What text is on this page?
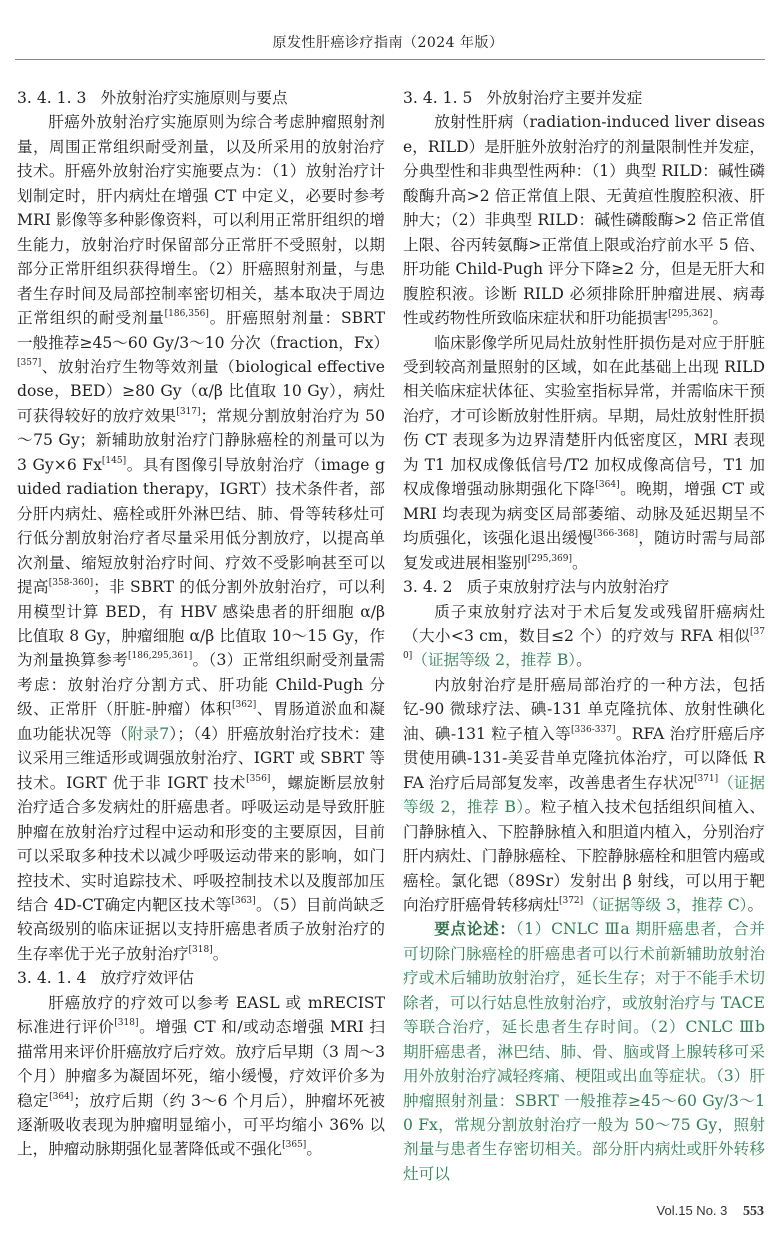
原发性肝癌诊疗指南（2024 年版）

3. 4. 1. 3 外放射治疗实施原则与要点

肝癌外放射治疗实施原则为综合考虑肿瘤照射剂量，周围正常组织耐受剂量，以及所采用的放射治疗技术。肝癌外放射治疗实施要点为：（1）放射治疗计划制定时，肝内病灶在增强 CT 中定义，必要时参考 MRI 影像等多种影像资料，可以利用正常肝组织的增生能力，放射治疗时保留部分正常肝不受照射，以期部分正常肝组织获得增生。（2）肝癌照射剂量，与患者生存时间及局部控制率密切相关，基本取决于周边正常组织的耐受剂量[186,356]。肝癌照射剂量：SBRT 一般推荐≥45～60 Gy/3～10 分次（fraction，Fx）[357]、放射治疗生物等效剂量（biological effective dose，BED）≥80 Gy（α/β 比值取 10 Gy），病灶可获得较好的放疗效果[317]；常规分割放射治疗为 50～75 Gy；新辅助放射治疗门静脉癌栓的剂量可以为 3 Gy×6 Fx[145]。具有图像引导放射治疗（image guided radiation therapy，IGRT）技术条件者，部分肝内病灶、癌栓或肝外淋巴结、肺、骨等转移灶可行低分割放射治疗者尽量采用低分割放疗，以提高单次剂量、缩短放射治疗时间、疗效不受影响甚至可以提高[358-360]；非 SBRT 的低分割外放射治疗，可以利用模型计算 BED，有 HBV 感染患者的肝细胞 α/β 比值取 8 Gy，肿瘤细胞 α/β 比值取 10～15 Gy，作为剂量换算参考[186,295,361]。（3）正常组织耐受剂量需考虑：放射治疗分割方式、肝功能 Child-Pugh 分级、正常肝（肝脏-肿瘤）体积[362]、胃肠道淤血和凝血功能状况等（附录7）；（4）肝癌放射治疗技术：建议采用三维适形或调强放射治疗、IGRT 或 SBRT 等技术。IGRT 优于非 IGRT 技术[356]，螺旋断层放射治疗适合多发病灶的肝癌患者。呼吸运动是导致肝脏肿瘤在放射治疗过程中运动和形变的主要原因，目前可以采取多种技术以减少呼吸运动带来的影响，如门控技术、实时追踪技术、呼吸控制技术以及腹部加压结合 4D-CT确定内靶区技术等[363]。（5）目前尚缺乏较高级别的临床证据以支持肝癌患者质子放射治疗的生存率优于光子放射治疗[318]。

3. 4. 1. 4 放疗疗效评估

肝癌放疗的疗效可以参考 EASL 或 mRECIST 标准进行评价[318]。增强 CT 和/或动态增强 MRI 扫描常用来评价肝癌放疗后疗效。放疗后早期（3 周～3 个月）肿瘤多为凝固坏死，缩小缓慢，疗效评价多为稳定[364]；放疗后期（约 3～6 个月后），肿瘤坏死被逐渐吸收表现为肿瘤明显缩小，可平均缩小 36% 以上，肿瘤动脉期强化显著降低或不强化[365]。

3. 4. 1. 5 外放射治疗主要并发症

放射性肝病（radiation-induced liver disease，RILD）是肝脏外放射治疗的剂量限制性并发症，分典型性和非典型性两种：（1）典型 RILD：碱性磷酸酶升高>2 倍正常值上限、无黄疸性腹腔积液、肝肿大；（2）非典型 RILD：碱性磷酸酶>2 倍正常值上限、谷丙转氨酶>正常值上限或治疗前水平 5 倍、肝功能 Child-Pugh 评分下降≥2 分，但是无肝大和腹腔积液。诊断 RILD 必须排除肝肿瘤进展、病毒性或药物性所致临床症状和肝功能损害[295,362]。

临床影像学所见局灶放射性肝损伤是对应于肝脏受到较高剂量照射的区域，如在此基础上出现 RILD 相关临床症状体征、实验室指标异常，并需临床干预治疗，才可诊断放射性肝病。早期，局灶放射性肝损伤 CT 表现多为边界清楚肝内低密度区，MRI 表现为 T1 加权成像低信号/T2 加权成像高信号，T1 加权成像增强动脉期强化下降[364]。晚期，增强 CT 或 MRI 均表现为病变区局部萎缩、动脉及延迟期呈不均质强化，该强化退出缓慢[366-368]，随访时需与局部复发或进展相鉴别[295,369]。

3. 4. 2 质子束放射疗法与内放射治疗

质子束放射疗法对于术后复发或残留肝癌病灶（大小<3 cm，数目≤2 个）的疗效与 RFA 相似[370]（证据等级 2，推荐 B）。

内放射治疗是肝癌局部治疗的一种方法，包括钇-90 微球疗法、碘-131 单克隆抗体、放射性碘化油、碘-131 粒子植入等[336-337]。RFA 治疗肝癌后序贯使用碘-131-美妥昔单克隆抗体治疗，可以降低 RFA 治疗后局部复发率，改善患者生存状况[371]（证据等级 2，推荐 B）。粒子植入技术包括组织间植入、门静脉植入、下腔静脉植入和胆道内植入，分别治疗肝内病灶、门静脉癌栓、下腔静脉癌栓和胆管内癌或癌栓。氯化锶（89Sr）发射出 β 射线，可以用于靶向治疗肝癌骨转移病灶[372]（证据等级 3，推荐 C）。

要点论述：（1）CNLC Ⅲa 期肝癌患者，合并可切除门脉癌栓的肝癌患者可以行术前新辅助放射治疗或术后辅助放射治疗，延长生存；对于不能手术切除者，可以行姑息性放射治疗，或放射治疗与 TACE 等联合治疗，延长患者生存时间。（2）CNLC Ⅲb 期肝癌患者，淋巴结、肺、骨、脑或肾上腺转移可采用外放射治疗减轻疼痛、梗阻或出血等症状。（3）肝肿瘤照射剂量：SBRT 一般推荐≥45～60 Gy/3～10 Fx，常规分割放射治疗一般为 50～75 Gy，照射剂量与患者生存密切相关。部分肝内病灶或肝外转移灶可以

Vol.15 No. 3 553
